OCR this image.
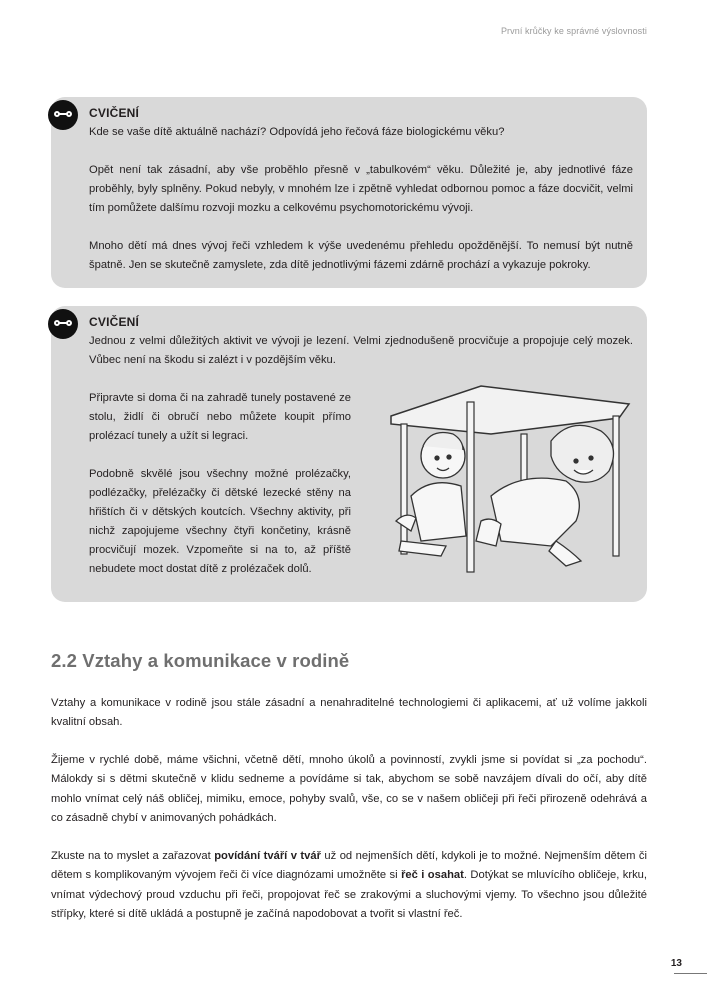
První krůčky ke správné výslovnosti
CVIČENÍ

Kde se vaše dítě aktuálně nachází? Odpovídá jeho řečová fáze biologickému věku?

Opět není tak zásadní, aby vše proběhlo přesně v „tabulkovém“ věku. Důležité je, aby jednotlivé fáze proběhly, byly splněny. Pokud nebyly, v mnohém lze i zpětně vyhledat odbornou pomoc a fáze docvičit, velmi tím pomůžete dalšímu rozvoji mozku a celkovému psychomotorickému vývoji.

Mnoho dětí má dnes vývoj řeči vzhledem k výše uvedenému přehledu opožděnější. To nemusí být nutně špatně. Jen se skutečně zamyslete, zda dítě jednotlivými fázemi zdárně prochází a vykazuje pokroky.

CVIČENÍ
Jednou z velmi důležitých aktivit ve vývoji je lezení. Velmi zjednodušeně procvičuje a propojuje celý mozek. Vůbec není na škodu si zalézt i v pozdějším věku.

Připravte si doma či na zahradě tunely postavené ze stolu, židlí či obručí nebo můžete koupit přímo prolézací tunely a užít si legraci.

Podobně skvělé jsou všechny možné prolézačky, podlézačky, přelézačky či dětské lezecké stěny na hřištích či v dětských koutcích. Všechny aktivity, při nichž zapojujeme všechny čtyři končetiny, krásně procvičují mozek. Vzpomeňte si na to, až příště nebudete moct dostat dítě z prolézaček dolů.

2.2 Vztahy a komunikace v rodině

Vztahy a komunikace v rodině jsou stále zásadní a nenahraditelné technologiemi či aplikacemi, ať už volíme jakkoli kvalitní obsah.

Žijeme v rychlé době, máme všichni, včetně dětí, mnoho úkolů a povinností, zvykli jsme si povídat si „za pochodu“. Málokdy si s dětmi skutečně v klidu sedneme a povídáme si tak, abychom se sobě navzájem dívali do očí, aby dítě mohlo vnímat celý náš obličej, mimiku, emoce, pohyby svalů, vše, co se v našem obličeji při řeči přirozeně odehrává a co zásadně chybí v animovaných pohádkách.

Zkuste na to myslet a zařazovat povídání tváří v tvář už od nejmenších dětí, kdykoli je to možné. Nejmenším dětem či dětem s komplikovaným vývojem řeči či více diagnózami umožněte si řeč i osahat. Dotýkat se mluvícího obličeje, krku, vnímat výdechový proud vzduchu při řeči, propojovat řeč se zrakovými a sluchovými vjemy. To všechno jsou důležité střípky, které si dítě ukládá a postupně je začíná napodobovat a tvořit si vlastní řeč.

13
